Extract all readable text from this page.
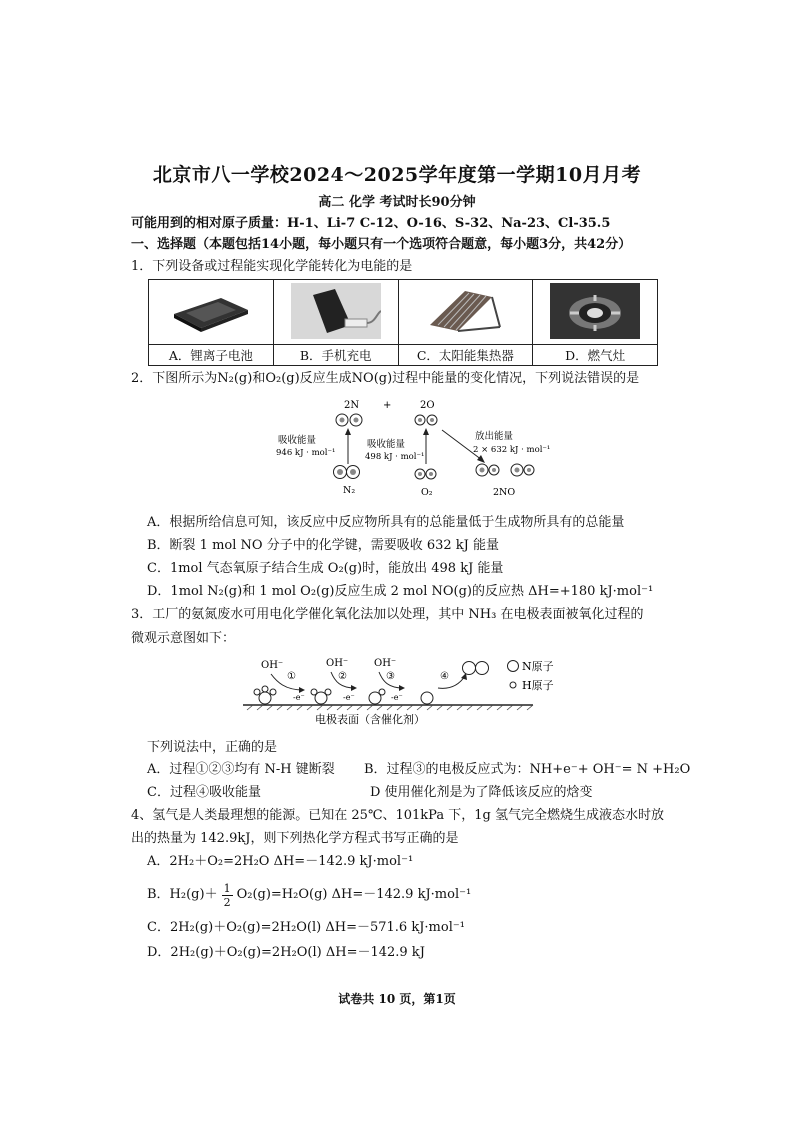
北京市八一学校2024～2025学年度第一学期10月月考
高二 化学 考试时长90分钟
可能用到的相对原子质量：H-1、Li-7 C-12、O-16、S-32、Na-23、Cl-35.5
一、选择题（本题包括14小题，每小题只有一个选项符合题意，每小题3分，共42分）
1．下列设备或过程能实现化学能转化为电能的是

A．锂离子电池	B．手机充电	C．太阳能集热器	D．燃气灶
2．下图所示为N₂(g)和O₂(g)反应生成NO(g)过程中能量的变化情况，下列说法错误的是
2N +	2O
吸收能量
946 kJ · mol⁻¹
吸收能量
498 kJ · mol⁻¹
放出能量
2 × 632 kJ · mol⁻¹
N₂	O₂	2NO
A．根据所给信息可知，该反应中反应物所具有的总能量低于生成物所具有的总能量
B．断裂 1 mol NO 分子中的化学键，需要吸收 632 kJ 能量
C．1mol 气态氧原子结合生成 O₂(g)时，能放出 498 kJ 能量
D．1mol N₂(g)和 1 mol O₂(g)反应生成 2 mol NO(g)的反应热 ΔH=+180 kJ·mol⁻¹
3．工厂的氨氮废水可用电化学催化氧化法加以处理，其中 NH₃ 在电极表面被氧化过程的
微观示意图如下：
OH⁻	OH⁻	OH⁻
①	②	③	④
-e⁻	-e⁻	-e⁻
N原子
H原子
电极表面（含催化剂）
下列说法中，正确的是
A．过程①②③均有 N-H 键断裂 B．过程③的电极反应式为：NH+e⁻+ OH⁻= N +H₂O
C．过程④吸收能量	D 使用催化剂是为了降低该反应的焓变
4、氢气是人类最理想的能源。已知在 25℃、101kPa 下，1g 氢气完全燃烧生成液态水时放
出的热量为 142.9kJ，则下列热化学方程式书写正确的是
A．2H₂＋O₂=2H₂O ΔH=－142.9 kJ·mol⁻¹
B．$H_2(g)+ \frac{1}{2} O_2(g)=H_2O(g)$ ΔH=－142.9 kJ·mol⁻¹
C．2H₂(g)＋O₂(g)=2H₂O(l) ΔH=－571.6 kJ·mol⁻¹
D．2H₂(g)＋O₂(g)=2H₂O(l) ΔH=－142.9 kJ
试卷共 10 页，第1页
